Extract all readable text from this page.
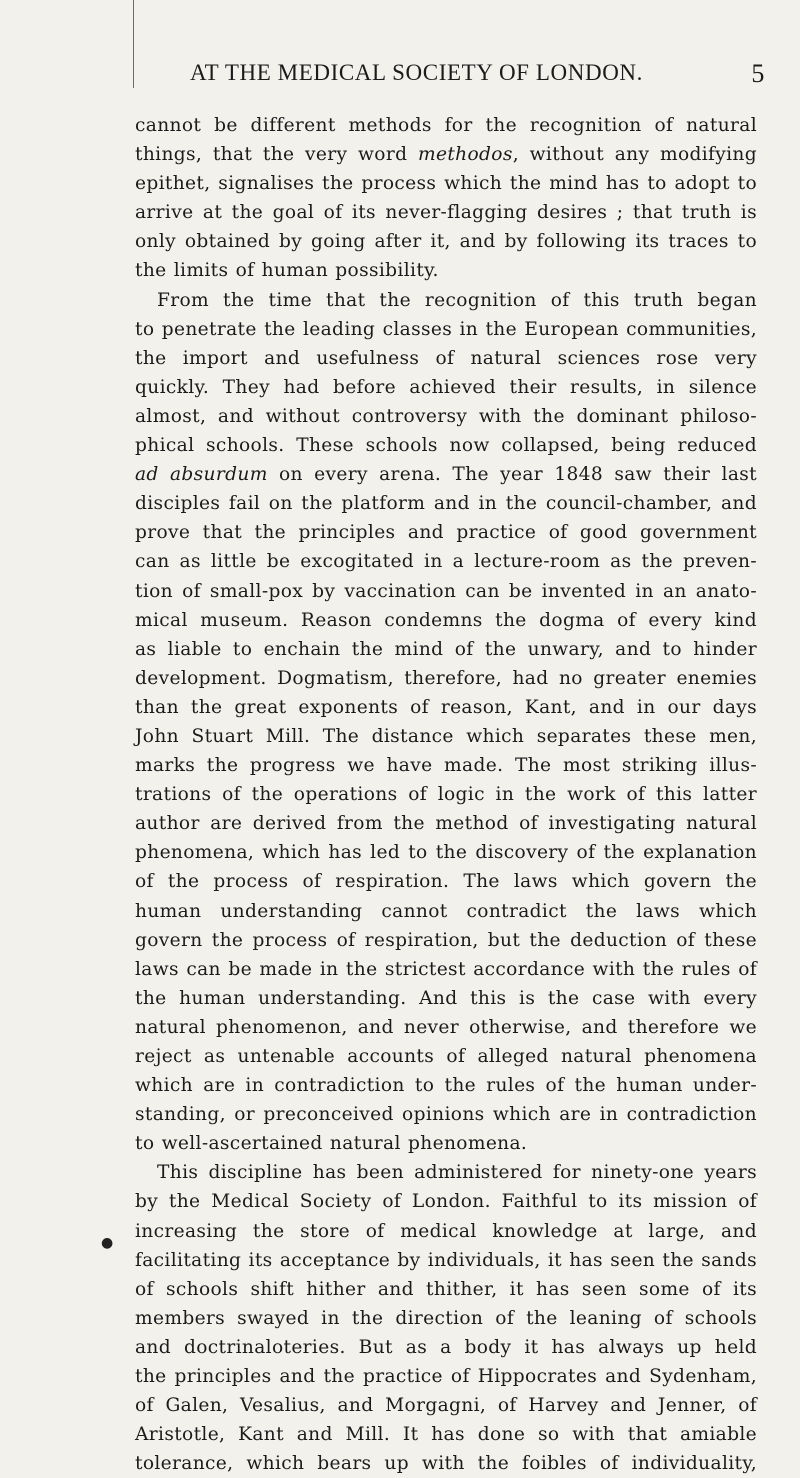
AT THE MEDICAL SOCIETY OF LONDON.	5
cannot be different methods for the recognition of natural
things, that the very word methodos, without any modifying
epithet, signalises the process which the mind has to adopt to
arrive at the goal of its never-flagging desires ; that truth is
only obtained by going after it, and by following its traces to
the limits of human possibility.
From the time that the recognition of this truth began
to penetrate the leading classes in the European communities,
the import and usefulness of natural sciences rose very
quickly. They had before achieved their results, in silence
almost, and without controversy with the dominant philoso-
phical schools. These schools now collapsed, being reduced
ad absurdum on every arena. The year 1848 saw their last
disciples fail on the platform and in the council-chamber, and
prove that the principles and practice of good government
can as little be excogitated in a lecture-room as the preven-
tion of small-pox by vaccination can be invented in an anato-
mical museum. Reason condemns the dogma of every kind
as liable to enchain the mind of the unwary, and to hinder
development. Dogmatism, therefore, had no greater enemies
than the great exponents of reason, Kant, and in our days
John Stuart Mill. The distance which separates these men,
marks the progress we have made. The most striking illus-
trations of the operations of logic in the work of this latter
author are derived from the method of investigating natural
phenomena, which has led to the discovery of the explanation
of the process of respiration. The laws which govern the
human understanding cannot contradict the laws which
govern the process of respiration, but the deduction of these
laws can be made in the strictest accordance with the rules of
the human understanding. And this is the case with every
natural phenomenon, and never otherwise, and therefore we
reject as untenable accounts of alleged natural phenomena
which are in contradiction to the rules of the human under-
standing, or preconceived opinions which are in contradiction
to well-ascertained natural phenomena.
This discipline has been administered for ninety-one years
by the Medical Society of London. Faithful to its mission of
increasing the store of medical knowledge at large, and
facilitating its acceptance by individuals, it has seen the sands
of schools shift hither and thither, it has seen some of its
members swayed in the direction of the leaning of schools
and doctrinaloteries. But as a body it has always up held
the principles and the practice of Hippocrates and Sydenham,
of Galen, Vesalius, and Morgagni, of Harvey and Jenner, of
Aristotle, Kant and Mill. It has done so with that amiable
tolerance, which bears up with the foibles of individuality,
●
